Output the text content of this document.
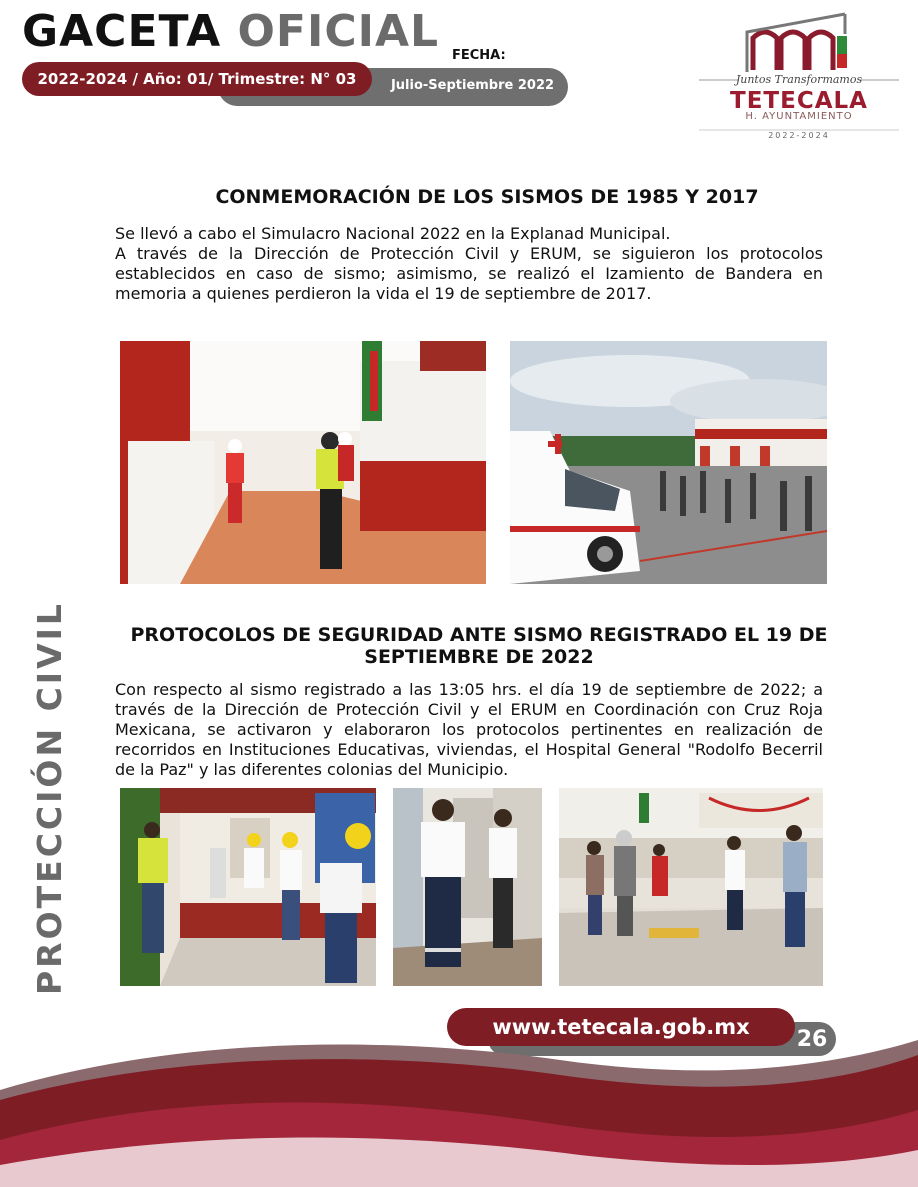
GACETA OFICIAL FECHA:
2022-2024 / Año: 01/ Trimestre: N° 03	Julio-Septiembre 2022	Juntos Transformamos
TETECALA
H. AYUNTAMIENTO
2022-2024
CONMEMORACIÓN DE LOS SISMOS DE 1985 Y 2017
Se llevó a cabo el Simulacro Nacional 2022 en la Explanad Municipal.
A través de la Dirección de Protección Civil y ERUM, se siguieron los protocolos establecidos en caso de sismo; asimismo, se realizó el Izamiento de Bandera en memoria a quienes perdieron la vida el 19 de septiembre de 2017.
PROTOCOLOS DE SEGURIDAD ANTE SISMO REGISTRADO EL 19 DE
SEPTIEMBRE DE 2022
Con respecto al sismo registrado a las 13:05 hrs. el día 19 de septiembre de 2022; a través de la Dirección de Protección Civil y el ERUM en Coordinación con Cruz Roja Mexicana, se activaron y elaboraron los protocolos pertinentes en realización de recorridos en Instituciones Educativas, viviendas, el Hospital General "Rodolfo Becerril de la Paz" y las diferentes colonias del Municipio.
PROTECCIÓN CIVIL
www.tetecala.gob.mx	26
